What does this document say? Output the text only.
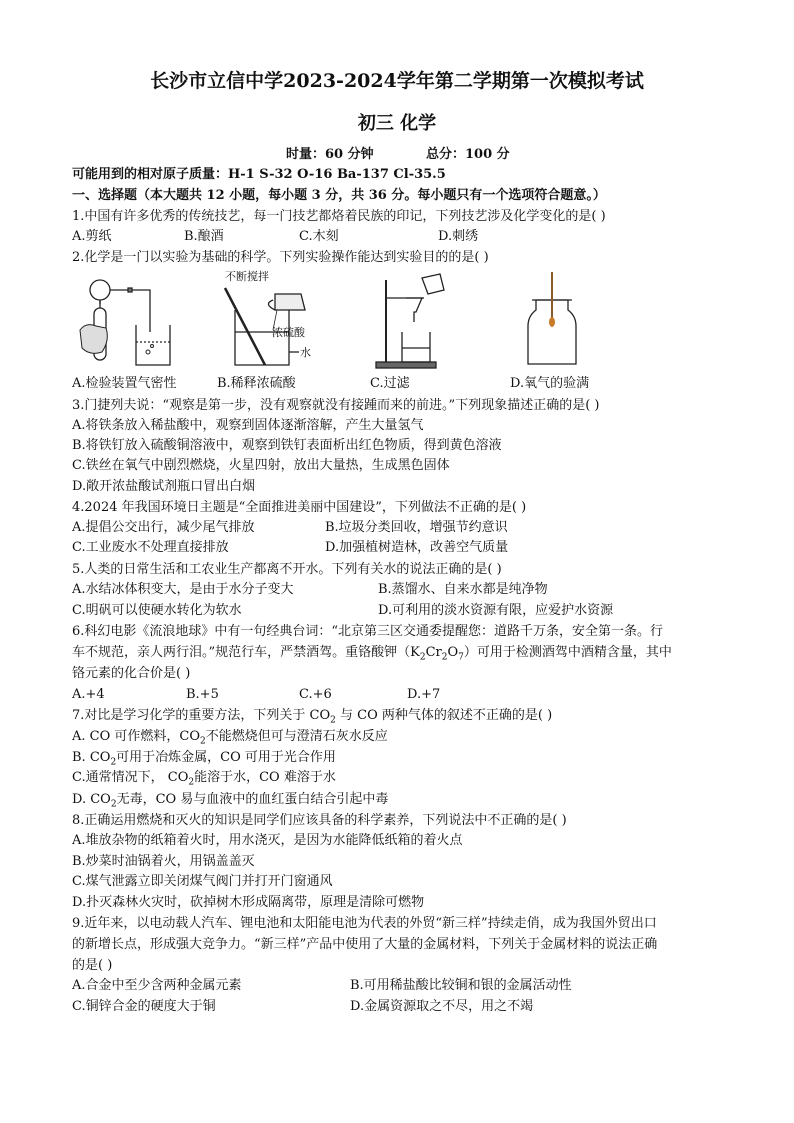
长沙市立信中学2023-2024学年第二学期第一次模拟考试
初三 化学
时量：60 分钟	总分：100 分
可能用到的相对原子质量：H-1 S-32 O-16 Ba-137 Cl-35.5
一、选择题（本大题共 12 小题，每小题 3 分，共 36 分。每小题只有一个选项符合题意。）
1.中国有许多优秀的传统技艺，每一门技艺都烙着民族的印记，下列技艺涉及化学变化的是( )
A.剪纸	B.酿酒	C.木刻	D.刺绣
2.化学是一门以实验为基础的科学。下列实验操作能达到实验目的的是( )
不断搅拌
浓硫酸
水
A.检验装置气密性	B.稀释浓硫酸	C.过滤	D.氧气的验满
3.门捷列夫说：“观察是第一步，没有观察就没有接踵而来的前进。”下列现象描述正确的是( )
A.将铁条放入稀盐酸中，观察到固体逐渐溶解，产生大量氢气
B.将铁钉放入硫酸铜溶液中，观察到铁钉表面析出红色物质，得到黄色溶液
C.铁丝在氧气中剧烈燃烧，火星四射，放出大量热，生成黑色固体
D.敞开浓盐酸试剂瓶口冒出白烟
4.2024 年我国环境日主题是“全面推进美丽中国建设”，下列做法不正确的是( )
A.提倡公交出行，减少尾气排放	B.垃圾分类回收，增强节约意识
C.工业废水不处理直接排放	D.加强植树造林，改善空气质量
5.人类的日常生活和工农业生产都离不开水。下列有关水的说法正确的是( )
A.水结冰体积变大，是由于水分子变大	B.蒸馏水、自来水都是纯净物
C.明矾可以使硬水转化为软水	D.可利用的淡水资源有限，应爱护水资源
6.科幻电影《流浪地球》中有一句经典台词：“北京第三区交通委提醒您：道路千万条，安全第一条。行
车不规范，亲人两行泪。”规范行车，严禁酒驾。重铬酸钾$(K_2Cr_2O_7)$可用于检测酒驾中酒精含量，其中
铬元素的化合价是( )
A.+4	B.+5	C.+6	D.+7
7.对比是学习化学的重要方法，下列关于 $CO_2$ 与 CO 两种气体的叙述不正确的是( )
A. CO 可作燃料，$CO_2$不能燃烧但可与澄清石灰水反应
B. $CO_2$可用于冶炼金属，CO 可用于光合作用
C.通常情况下， $CO_2$能溶于水，CO 难溶于水
D. $CO_2$无毒，CO 易与血液中的血红蛋白结合引起中毒
8.正确运用燃烧和灭火的知识是同学们应该具备的科学素养，下列说法中不正确的是( )
A.堆放杂物的纸箱着火时，用水浇灭，是因为水能降低纸箱的着火点
B.炒菜时油锅着火，用锅盖盖灭
C.煤气泄露立即关闭煤气阀门并打开门窗通风
D.扑灭森林火灾时，砍掉树木形成隔离带，原理是清除可燃物
9.近年来，以电动载人汽车、锂电池和太阳能电池为代表的外贸“新三样”持续走俏，成为我国外贸出口
的新增长点，形成强大竞争力。“新三样”产品中使用了大量的金属材料，下列关于金属材料的说法正确
的是( )
A.合金中至少含两种金属元素	B.可用稀盐酸比较铜和银的金属活动性
C.铜锌合金的硬度大于铜	D.金属资源取之不尽，用之不竭
